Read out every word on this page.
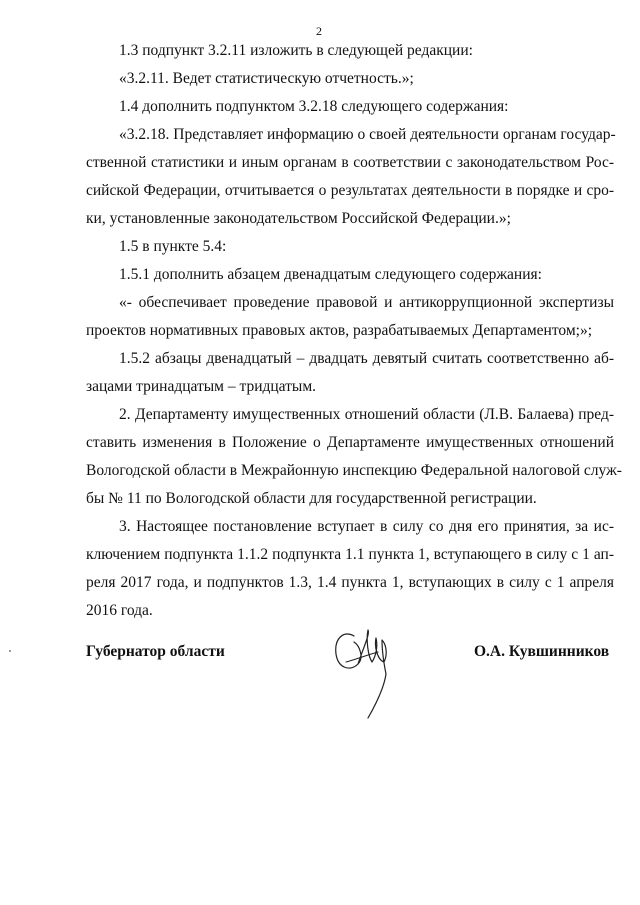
2
1.3 подпункт 3.2.11 изложить в следующей редакции:
«3.2.11. Ведет статистическую отчетность.»;
1.4 дополнить подпунктом 3.2.18 следующего содержания:
«3.2.18. Представляет информацию о своей деятельности органам государ-
ственной статистики и иным органам в соответствии с законодательством Рос-
сийской Федерации, отчитывается о результатах деятельности в порядке и сро-
ки, установленные законодательством Российской Федерации.»;
1.5 в пункте 5.4:
1.5.1 дополнить абзацем двенадцатым следующего содержания:
«- обеспечивает проведение правовой и антикоррупционной экспертизы
проектов нормативных правовых актов, разрабатываемых Департаментом;»;
1.5.2 абзацы двенадцатый – двадцать девятый считать соответственно аб-
зацами тринадцатым – тридцатым.
2. Департаменту имущественных отношений области (Л.В. Балаева) пред-
ставить изменения в Положение о Департаменте имущественных отношений
Вологодской области в Межрайонную инспекцию Федеральной налоговой служ-
бы № 11 по Вологодской области для государственной регистрации.
3. Настоящее постановление вступает в силу со дня его принятия, за ис-
ключением подпункта 1.1.2 подпункта 1.1 пункта 1, вступающего в силу с 1 ап-
реля 2017 года, и подпунктов 1.3, 1.4 пункта 1, вступающих в силу с 1 апреля
2016 года.
Губернатор области	О.А. Кувшинников
